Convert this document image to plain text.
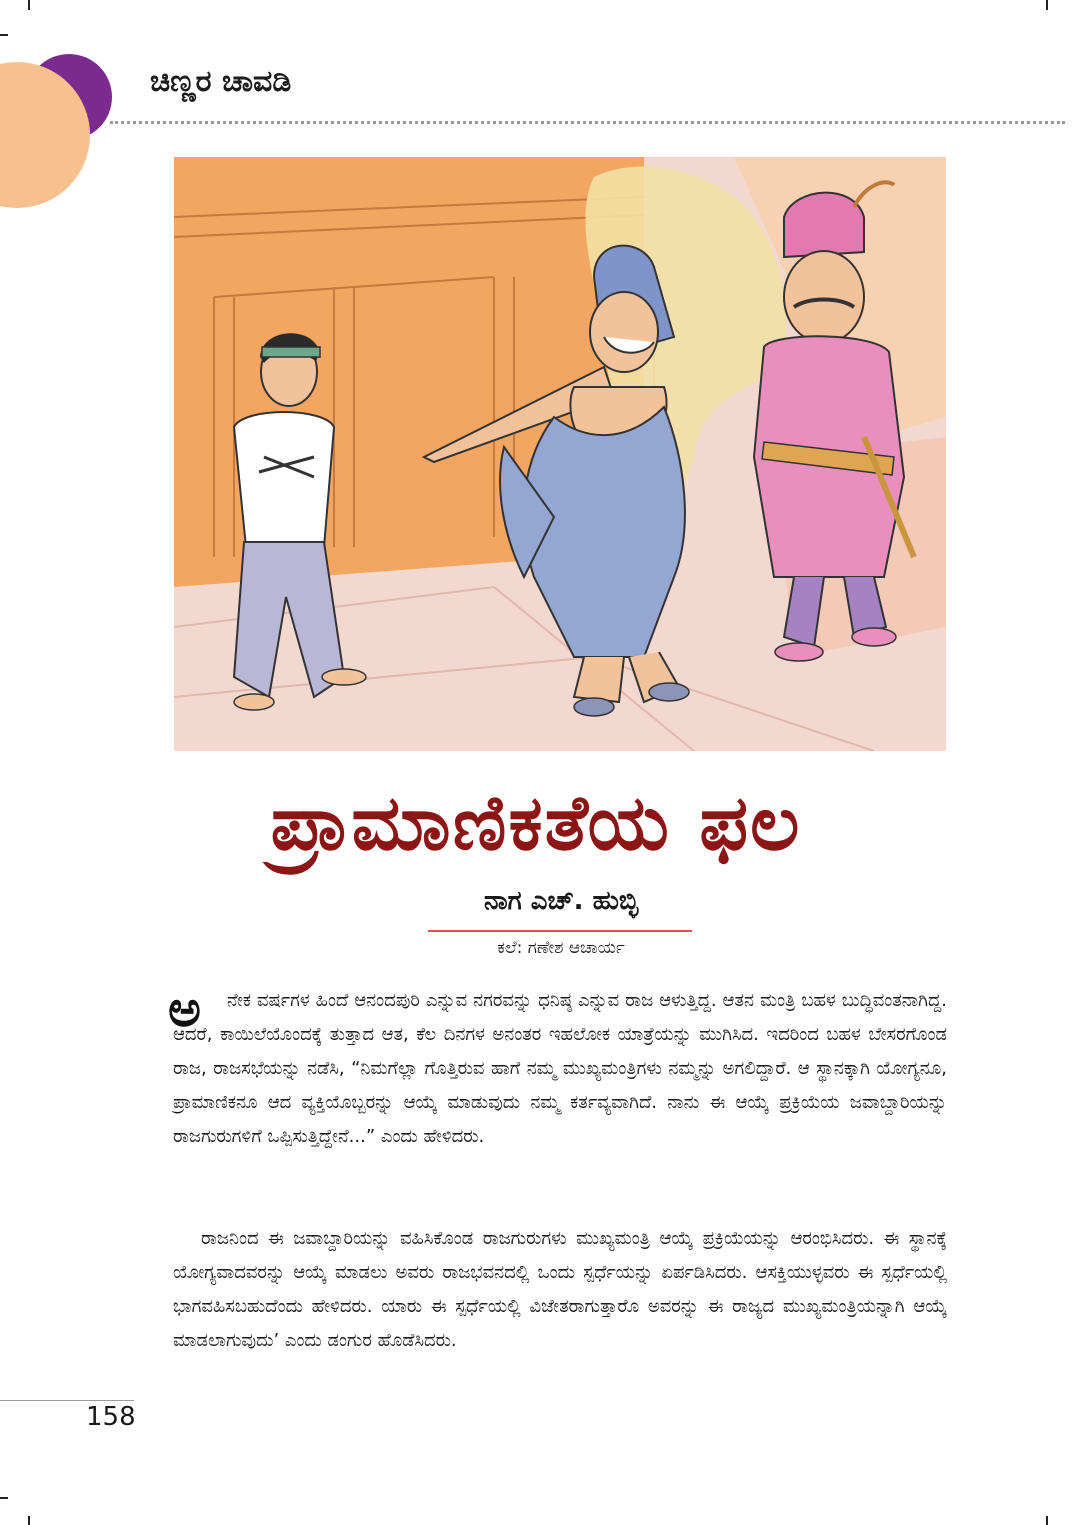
ಚಿಣ್ಣರ ಚಾವಡಿ
ಪ್ರಾಮಾಣಿಕತೆಯ ಫಲ
ನಾಗ ಎಚ್‌. ಹುಬ್ಳಿ
ಕಲೆ: ಗಣೇಶ ಆಚಾರ್ಯ
ಅ	ನೇಕ ವರ್ಷಗಳ ಹಿಂದೆ ಆನಂದಪುರಿ ಎನ್ನುವ ನಗರವನ್ನು ಧನಿಷ್ಠ ಎನ್ನುವ ರಾಜ ಆಳುತ್ತಿದ್ದ. ಆತನ ಮಂತ್ರಿ ಬಹಳ ಬುದ್ಧಿವಂತನಾಗಿದ್ದ. ಆದರೆ, ಕಾಯಿಲೆಯೊಂದಕ್ಕೆ ತುತ್ತಾದ ಆತ, ಕೆಲ ದಿನಗಳ ಅನಂತರ ಇಹಲೋಕ ಯಾತ್ರೆಯನ್ನು ಮುಗಿಸಿದ. ಇದರಿಂದ ಬಹಳ ಬೇಸರಗೊಂಡ ರಾಜ, ರಾಜಸಭೆಯನ್ನು ನಡೆಸಿ, “ನಿಮಗೆಲ್ಲಾ ಗೊತ್ತಿರುವ ಹಾಗೆ ನಮ್ಮ ಮುಖ್ಯಮಂತ್ರಿಗಳು ನಮ್ಮನ್ನು ಅಗಲಿದ್ದಾರೆ. ಆ ಸ್ಥಾನಕ್ಕಾಗಿ ಯೋಗ್ಯನೂ, ಪ್ರಾಮಾಣಿಕನೂ ಆದ ವ್ಯಕ್ತಿಯೊಬ್ಬರನ್ನು ಆಯ್ಕೆ ಮಾಡುವುದು ನಮ್ಮ ಕರ್ತವ್ಯವಾಗಿದೆ. ನಾನು ಈ ಆಯ್ಕೆ ಪ್ರಕ್ರಿಯೆಯ ಜವಾಬ್ದಾರಿಯನ್ನು ರಾಜಗುರುಗಳಿಗೆ ಒಪ್ಪಿಸುತ್ತಿದ್ದೇನೆ...” ಎಂದು ಹೇಳಿದರು.
ರಾಜನಿಂದ ಈ ಜವಾಬ್ದಾರಿಯನ್ನು ವಹಿಸಿಕೊಂಡ ರಾಜಗುರುಗಳು ಮುಖ್ಯಮಂತ್ರಿ ಆಯ್ಕೆ ಪ್ರಕ್ರಿಯೆಯನ್ನು ಆರಂಭಿಸಿದರು. ಈ ಸ್ಥಾನಕ್ಕೆ ಯೋಗ್ಯವಾದವರನ್ನು ಆಯ್ಕೆ ಮಾಡಲು ಅವರು ರಾಜಭವನದಲ್ಲಿ ಒಂದು ಸ್ಪರ್ಧೆಯನ್ನು ಏರ್ಪಡಿಸಿದರು. ಆಸಕ್ತಿಯುಳ್ಳವರು ಈ ಸ್ಪರ್ಧೆಯಲ್ಲಿ ಭಾಗವಹಿಸಬಹುದೆಂದು ಹೇಳಿದರು. ಯಾರು ಈ ಸ್ಪರ್ಧೆಯಲ್ಲಿ ವಿಜೇತರಾಗುತ್ತಾರೊ ಅವರನ್ನು ಈ ರಾಜ್ಯದ ಮುಖ್ಯಮಂತ್ರಿಯನ್ನಾಗಿ ಆಯ್ಕೆ ಮಾಡಲಾಗುವುದು’ ಎಂದು ಡಂಗುರ ಹೊಡೆಸಿದರು.
158
